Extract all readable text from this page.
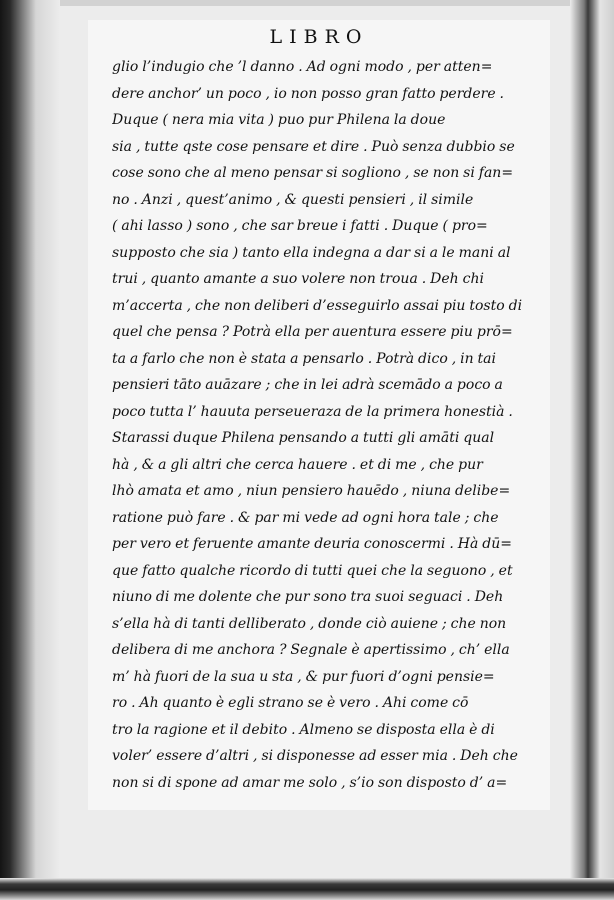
LIBRO
glio l’indugio che ’l danno . Ad ogni modo , per atten=
dere anchor’ un poco , io non posso gran fatto perdere .
Duque ( nera mia vita ) puo pur Philena la doue
sia , tutte qste cose pensare et dire . Può senza dubbio se
cose sono che al meno pensar si sogliono , se non si fan=
no . Anzi , quest’animo , & questi pensieri , il simile
( ahi lasso ) sono , che sar breue i fatti . Duque ( pro=
suppostο che sia ) tanto ella indegna a dar si a le mani al
trui , quanto amante a suo volere non troua . Deh chi
m’accerta , che non deliberi d’esseguirlo assai piu tosto di
quel che pensa ? Potrà ella per auentura essere piu prō=
ta a farlo che non è stata a pensarlo . Potrà dico , in tai
pensieri tāto auāzare ; che in lei adrà scemādo a poco a
poco tutta l’ hauuta perseueraza de la primera honestià .
Starassi duque Philena pensando a tutti gli amāti qual
hà , & a gli altri che cerca hauere . et di me , che pur
lhò amata et amo , niun pensiero hauēdo , niuna delibe=
ratione può fare . & par mi vede ad ogni hora tale ; che
per vero et feruente amante deuria conoscermi . Hà dū=
que fatto qualche ricordo di tutti quei che la seguono , et
niuno di me dolente che pur sono tra suoi seguaci . Deh
s’ella hà di tanti delliberato , donde ciò auiene ; che non
delibera di me anchora ? Segnale è apertissimo , ch’ ella
m’ hà fuori de la sua u sta , & pur fuori d’ogni pensie=
ro . Ah quanto è egli strano se è vero . Ahi come cō
tro la ragione et il debito . Almeno se disposta ella è di
voler’ essere d’altri , si disponesse ad esser mia . Deh che
non si di spone ad amar me solo , s’io son disposto d’ a=
